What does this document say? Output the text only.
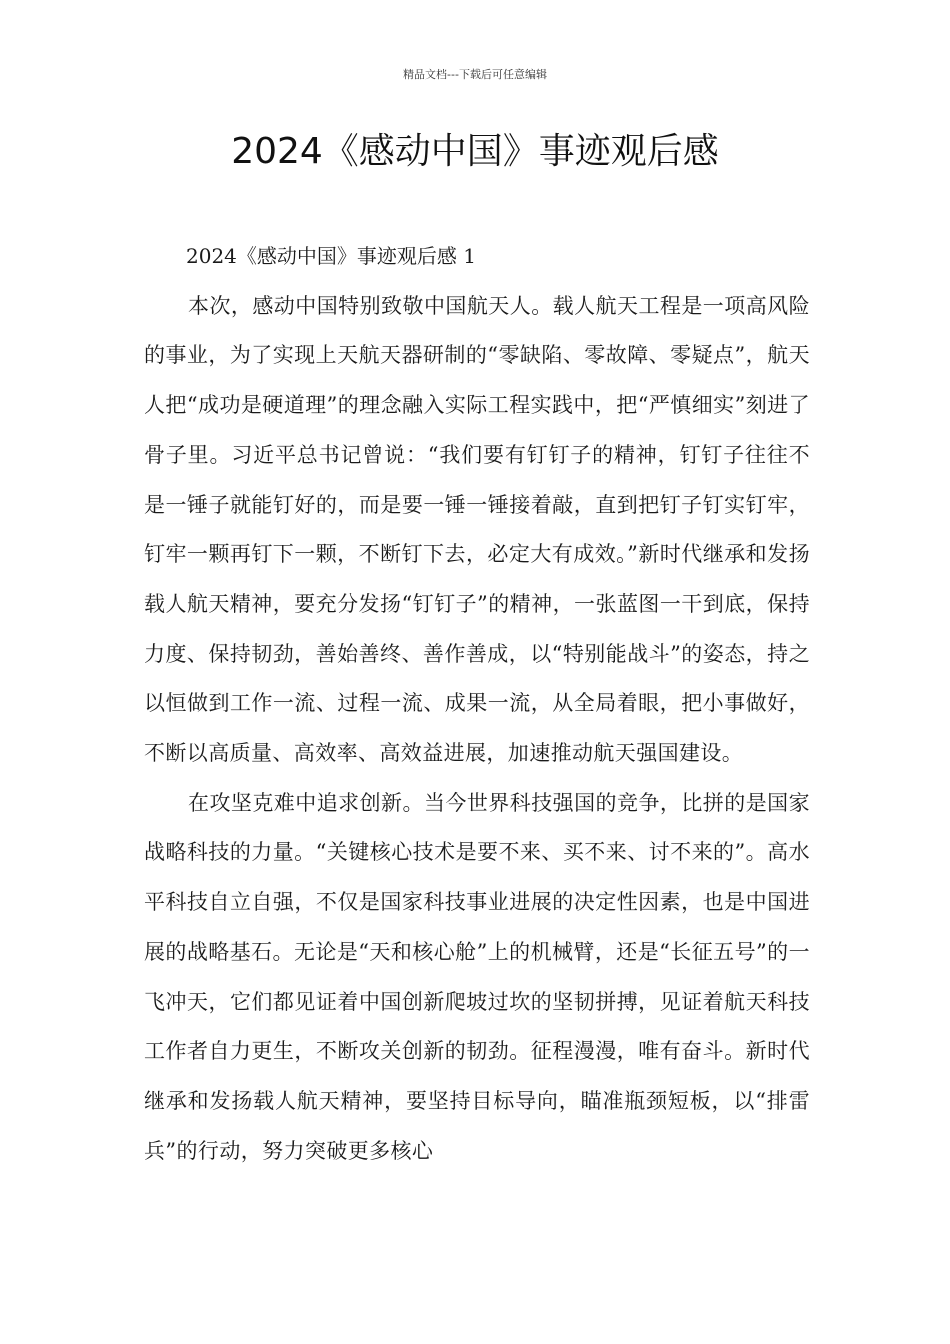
精品文档---下载后可任意编辑
2024《感动中国》事迹观后感

2024《感动中国》事迹观后感 1

本次，感动中国特别致敬中国航天人。载人航天工程是一项高风险的事业，为了实现上天航天器研制的“零缺陷、零故障、零疑点”，航天人把“成功是硬道理”的理念融入实际工程实践中，把“严慎细实”刻进了骨子里。习近平总书记曾说：“我们要有钉钉子的精神，钉钉子往往不是一锤子就能钉好的，而是要一锤一锤接着敲，直到把钉子钉实钉牢，钉牢一颗再钉下一颗，不断钉下去，必定大有成效。”新时代继承和发扬载人航天精神，要充分发扬“钉钉子”的精神，一张蓝图一干到底，保持力度、保持韧劲，善始善终、善作善成，以“特别能战斗”的姿态，持之以恒做到工作一流、过程一流、成果一流，从全局着眼，把小事做好，不断以高质量、高效率、高效益进展，加速推动航天强国建设。

在攻坚克难中追求创新。当今世界科技强国的竞争，比拼的是国家战略科技的力量。“关键核心技术是要不来、买不来、讨不来的”。高水平科技自立自强，不仅是国家科技事业进展的决定性因素，也是中国进展的战略基石。无论是“天和核心舱”上的机械臂，还是“长征五号”的一飞冲天，它们都见证着中国创新爬坡过坎的坚韧拼搏，见证着航天科技工作者自力更生，不断攻关创新的韧劲。征程漫漫，唯有奋斗。新时代继承和发扬载人航天精神，要坚持目标导向，瞄准瓶颈短板，以“排雷兵”的行动，努力突破更多核心
